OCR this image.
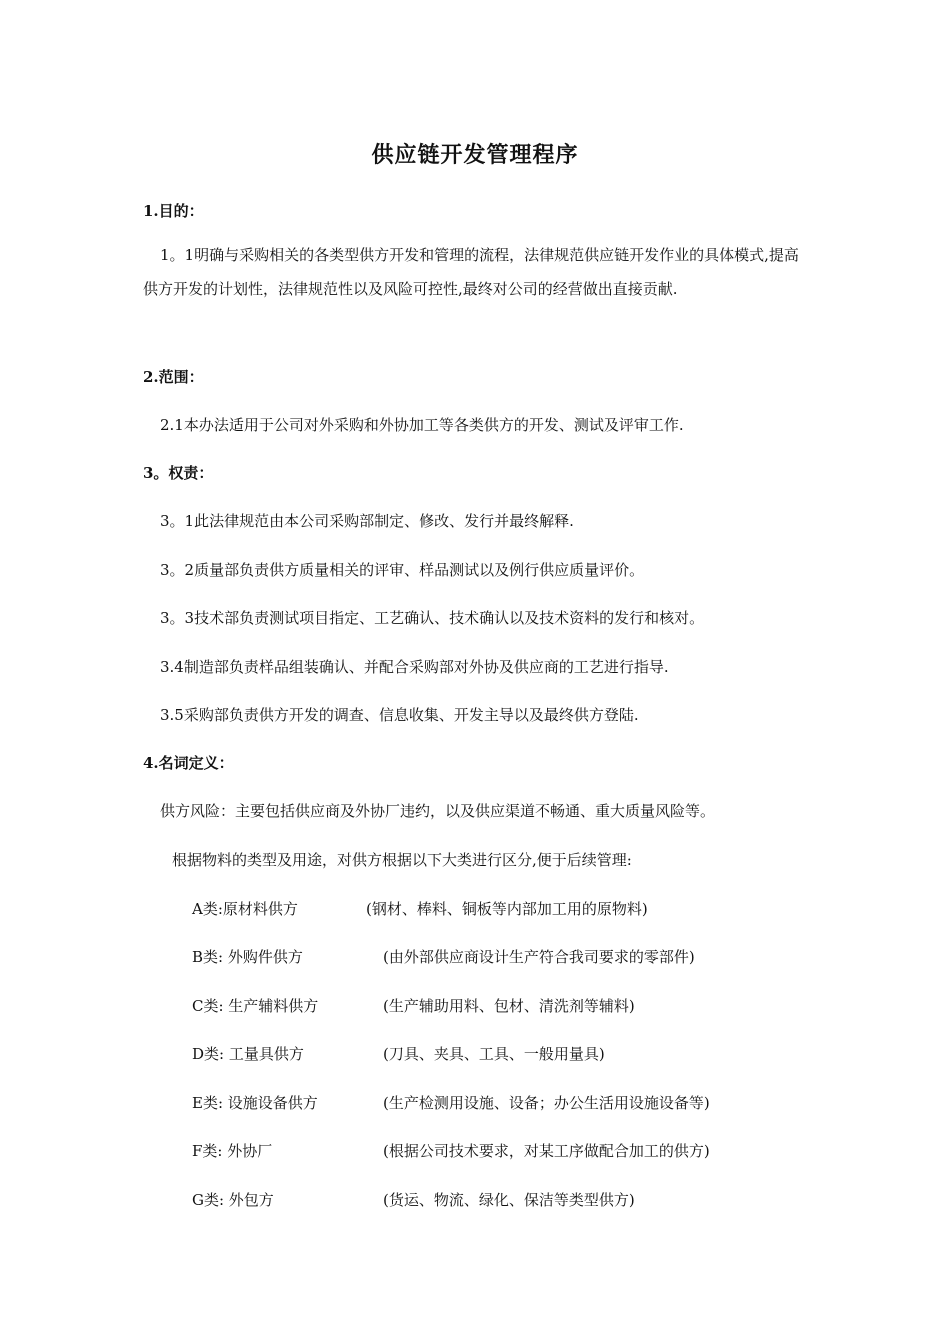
供应链开发管理程序
1.目的：
1。1明确与采购相关的各类型供方开发和管理的流程，法律规范供应链开发作业的具体模式,提高供方开发的计划性，法律规范性以及风险可控性,最终对公司的经营做出直接贡献.
2.范围：
2.1本办法适用于公司对外采购和外协加工等各类供方的开发、测试及评审工作.
3。权责：
3。1此法律规范由本公司采购部制定、修改、发行并最终解释.
3。2质量部负责供方质量相关的评审、样品测试以及例行供应质量评价。
3。3技术部负责测试项目指定、工艺确认、技术确认以及技术资料的发行和核对。
3.4制造部负责样品组装确认、并配合采购部对外协及供应商的工艺进行指导.
3.5采购部负责供方开发的调查、信息收集、开发主导以及最终供方登陆.
4.名词定义：
供方风险：主要包括供应商及外协厂违约，以及供应渠道不畅通、重大质量风险等。
根据物料的类型及用途，对供方根据以下大类进行区分,便于后续管理:
A类:原材料供方	(钢材、棒料、铜板等内部加工用的原物料)
B类: 外购件供方	(由外部供应商设计生产符合我司要求的零部件)
C类: 生产辅料供方	(生产辅助用料、包材、清洗剂等辅料)
D类: 工量具供方	(刀具、夹具、工具、一般用量具)
E类: 设施设备供方	(生产检测用设施、设备；办公生活用设施设备等)
F类: 外协厂	(根据公司技术要求，对某工序做配合加工的供方)
G类: 外包方	(货运、物流、绿化、保洁等类型供方)
